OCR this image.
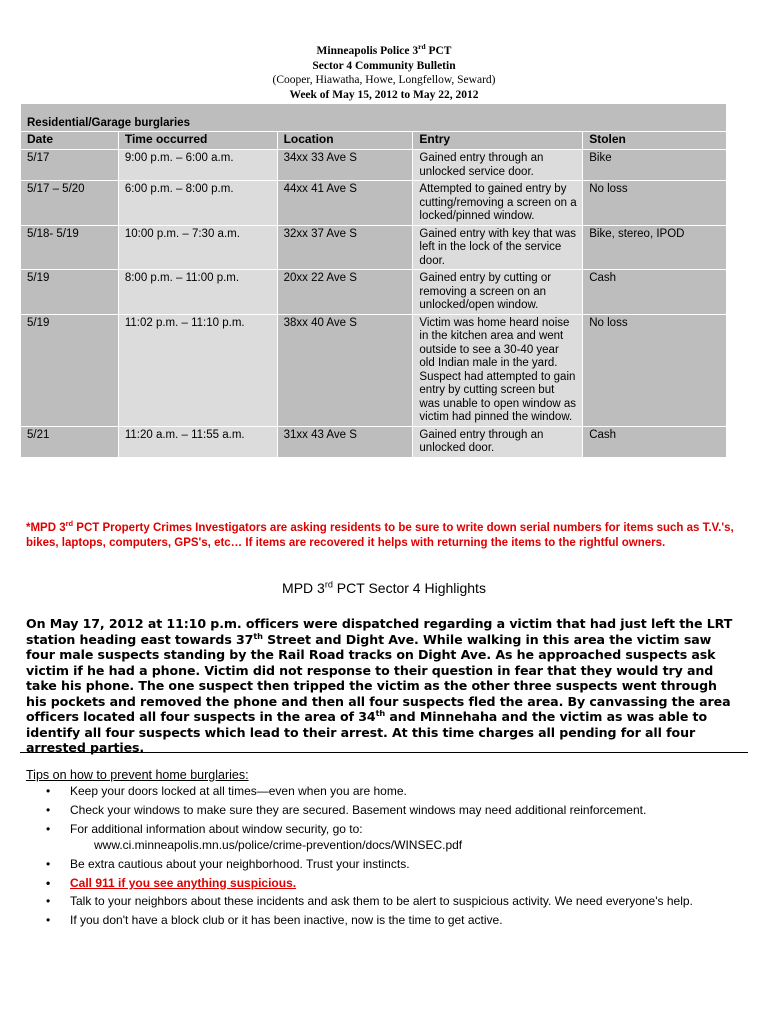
Minneapolis Police 3rd PCT
Sector 4 Community Bulletin
(Cooper, Hiawatha, Howe, Longfellow, Seward)
Week of May 15, 2012 to May 22, 2012
Residential/Garage burglaries				
Date	Time occurred	Location	Entry	Stolen
5/17	9:00 p.m. – 6:00 a.m.	34xx 33 Ave S	Gained entry through an unlocked service door.	Bike
5/17 – 5/20	6:00 p.m. – 8:00 p.m.	44xx 41 Ave S	Attempted to gained entry by cutting/removing a screen on a locked/pinned window.	No loss
5/18- 5/19	10:00 p.m. – 7:30 a.m.	32xx 37 Ave S	Gained entry with key that was left in the lock of the service door.	Bike, stereo, IPOD
5/19	8:00 p.m. – 11:00 p.m.	20xx 22 Ave S	Gained entry by cutting or removing a screen on an unlocked/open window.	Cash
5/19	11:02 p.m. – 11:10 p.m.	38xx 40 Ave S	Victim was home heard noise in the kitchen area and went outside to see a 30-40 year old Indian male in the yard. Suspect had attempted to gain entry by cutting screen but was unable to open window as victim had pinned the window.	No loss
5/21	11:20 a.m. – 11:55 a.m.	31xx 43 Ave S	Gained entry through an unlocked door.	Cash
*MPD 3rd PCT Property Crimes Investigators are asking residents to be sure to write down serial numbers for items such as T.V.'s, bikes, laptops, computers, GPS's, etc… If items are recovered it helps with returning the items to the rightful owners.
MPD 3rd PCT Sector 4 Highlights
On May 17, 2012 at 11:10 p.m. officers were dispatched regarding a victim that had just left the LRT station heading east towards 37th Street and Dight Ave. While walking in this area the victim saw four male suspects standing by the Rail Road tracks on Dight Ave. As he approached suspects ask victim if he had a phone. Victim did not response to their question in fear that they would try and take his phone. The one suspect then tripped the victim as the other three suspects went through his pockets and removed the phone and then all four suspects fled the area. By canvassing the area officers located all four suspects in the area of 34th and Minnehaha and the victim as was able to identify all four suspects which lead to their arrest. At this time charges all pending for all four arrested parties.
Tips on how to prevent home burglaries:
• Keep your doors locked at all times—even when you are home.
• Check your windows to make sure they are secured. Basement windows may need additional reinforcement.
• For additional information about window security, go to:
www.ci.minneapolis.mn.us/police/crime-prevention/docs/WINSEC.pdf
• Be extra cautious about your neighborhood. Trust your instincts.
• Call 911 if you see anything suspicious.
• Talk to your neighbors about these incidents and ask them to be alert to suspicious activity. We need everyone's help.
• If you don't have a block club or it has been inactive, now is the time to get active.
